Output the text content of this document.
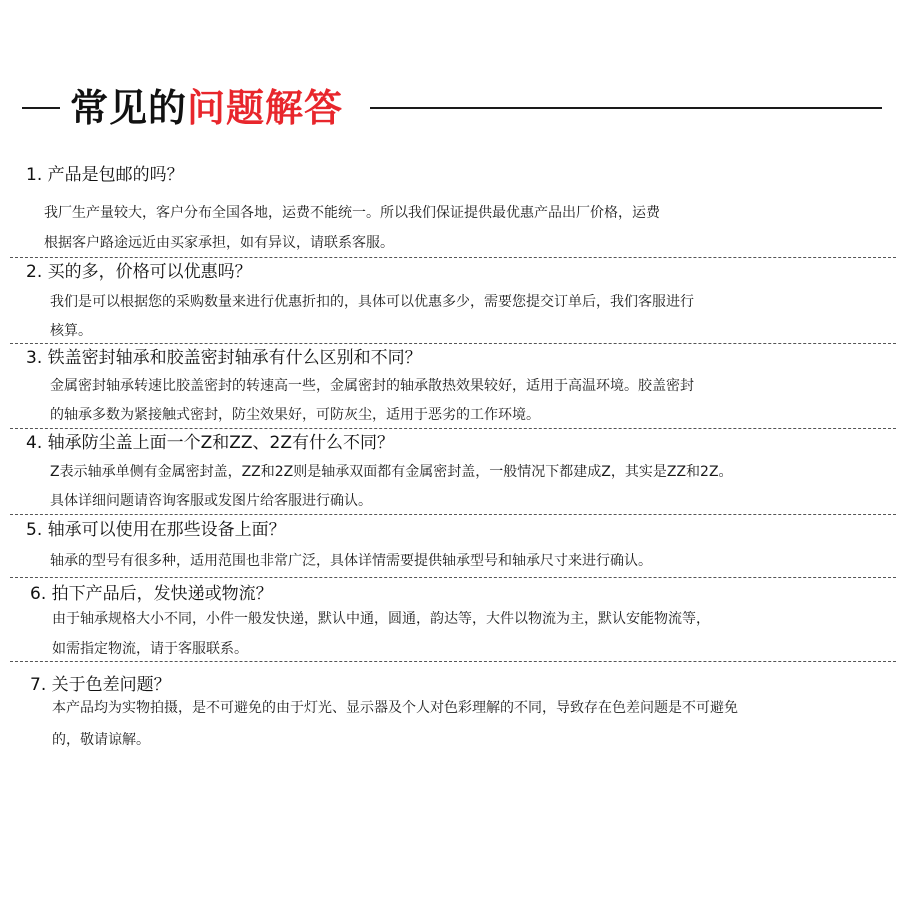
常见的问题解答
1. 产品是包邮的吗？
我厂生产量较大，客户分布全国各地，运费不能统一。所以我们保证提供最优惠产品出厂价格，运费
根据客户路途远近由买家承担，如有异议，请联系客服。
2. 买的多，价格可以优惠吗？
我们是可以根据您的采购数量来进行优惠折扣的，具体可以优惠多少，需要您提交订单后，我们客服进行
核算。
3. 铁盖密封轴承和胶盖密封轴承有什么区别和不同？
金属密封轴承转速比胶盖密封的转速高一些，金属密封的轴承散热效果较好，适用于高温环境。胶盖密封
的轴承多数为紧接触式密封，防尘效果好，可防灰尘，适用于恶劣的工作环境。
4. 轴承防尘盖上面一个Z和ZZ、2Z有什么不同？
Z表示轴承单侧有金属密封盖，ZZ和2Z则是轴承双面都有金属密封盖，一般情况下都建成Z，其实是ZZ和2Z。
具体详细问题请咨询客服或发图片给客服进行确认。
5. 轴承可以使用在那些设备上面？
轴承的型号有很多种，适用范围也非常广泛，具体详情需要提供轴承型号和轴承尺寸来进行确认。
6. 拍下产品后，发快递或物流？
由于轴承规格大小不同，小件一般发快递，默认中通，圆通，韵达等，大件以物流为主，默认安能物流等，
如需指定物流，请于客服联系。
7. 关于色差问题？
本产品均为实物拍摄，是不可避免的由于灯光、显示器及个人对色彩理解的不同，导致存在色差问题是不可避免
的，敬请谅解。
